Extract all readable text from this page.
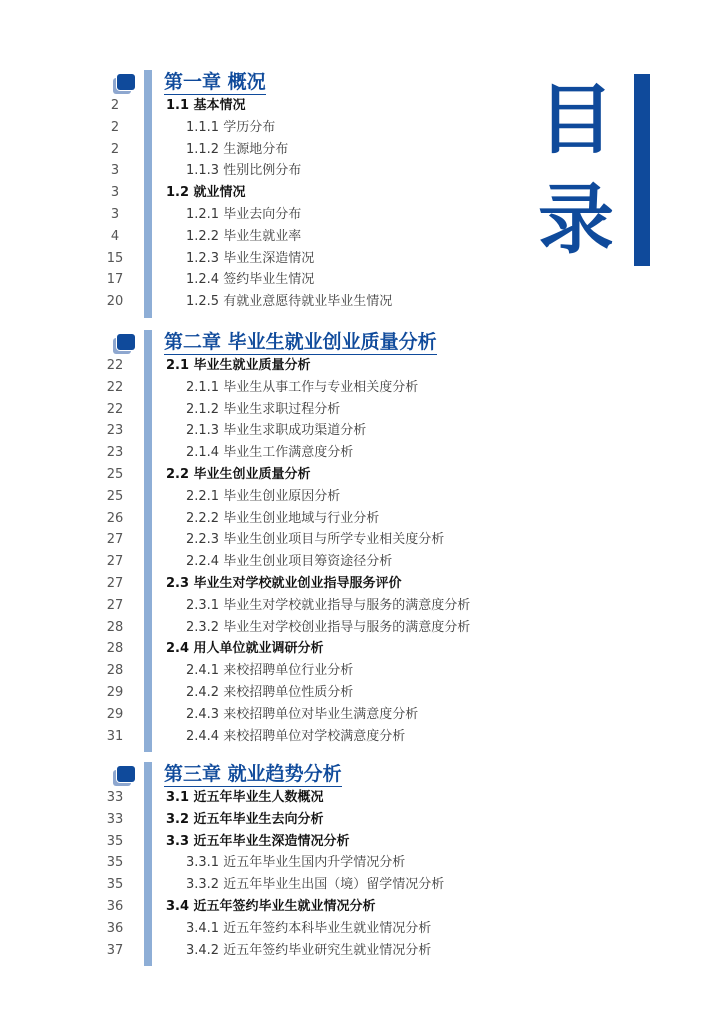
第一章 概况
2	1.1 基本情况
2	1.1.1 学历分布
2	1.1.2 生源地分布
3	1.1.3 性别比例分布
3	1.2 就业情况
3	1.2.1 毕业去向分布
4	1.2.2 毕业生就业率
15	1.2.3 毕业生深造情况
17	1.2.4 签约毕业生情况
20	1.2.5 有就业意愿待就业毕业生情况
第二章 毕业生就业创业质量分析
22	2.1 毕业生就业质量分析
22	2.1.1 毕业生从事工作与专业相关度分析
22	2.1.2 毕业生求职过程分析
23	2.1.3 毕业生求职成功渠道分析
23	2.1.4 毕业生工作满意度分析
25	2.2 毕业生创业质量分析
25	2.2.1 毕业生创业原因分析
26	2.2.2 毕业生创业地域与行业分析
27	2.2.3 毕业生创业项目与所学专业相关度分析
27	2.2.4 毕业生创业项目筹资途径分析
27	2.3 毕业生对学校就业创业指导服务评价
27	2.3.1 毕业生对学校就业指导与服务的满意度分析
28	2.3.2 毕业生对学校创业指导与服务的满意度分析
28	2.4 用人单位就业调研分析
28	2.4.1 来校招聘单位行业分析
29	2.4.2 来校招聘单位性质分析
29	2.4.3 来校招聘单位对毕业生满意度分析
31	2.4.4 来校招聘单位对学校满意度分析
第三章 就业趋势分析
33	3.1 近五年毕业生人数概况
33	3.2 近五年毕业生去向分析
35	3.3 近五年毕业生深造情况分析
35	3.3.1 近五年毕业生国内升学情况分析
35	3.3.2 近五年毕业生出国（境）留学情况分析
36	3.4 近五年签约毕业生就业情况分析
36	3.4.1 近五年签约本科毕业生就业情况分析
37	3.4.2 近五年签约毕业研究生就业情况分析
目
录
